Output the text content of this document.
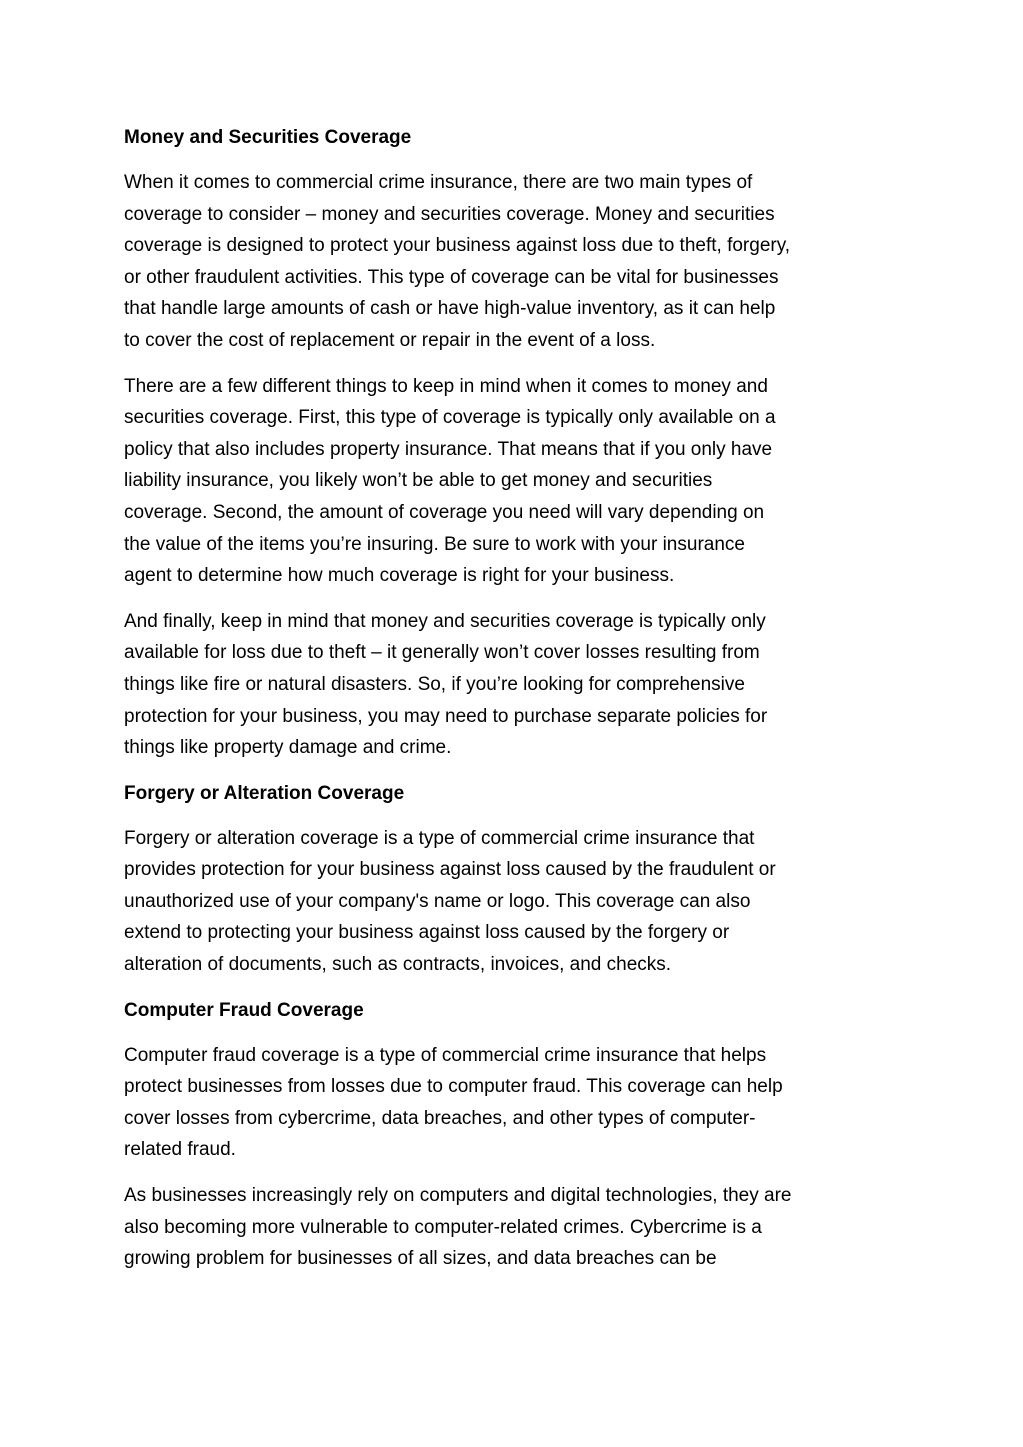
Money and Securities Coverage
When it comes to commercial crime insurance, there are two main types of
coverage to consider – money and securities coverage. Money and securities
coverage is designed to protect your business against loss due to theft, forgery,
or other fraudulent activities. This type of coverage can be vital for businesses
that handle large amounts of cash or have high-value inventory, as it can help
to cover the cost of replacement or repair in the event of a loss.
There are a few different things to keep in mind when it comes to money and
securities coverage. First, this type of coverage is typically only available on a
policy that also includes property insurance. That means that if you only have
liability insurance, you likely won’t be able to get money and securities
coverage. Second, the amount of coverage you need will vary depending on
the value of the items you’re insuring. Be sure to work with your insurance
agent to determine how much coverage is right for your business.
And finally, keep in mind that money and securities coverage is typically only
available for loss due to theft – it generally won’t cover losses resulting from
things like fire or natural disasters. So, if you’re looking for comprehensive
protection for your business, you may need to purchase separate policies for
things like property damage and crime.
Forgery or Alteration Coverage
Forgery or alteration coverage is a type of commercial crime insurance that
provides protection for your business against loss caused by the fraudulent or
unauthorized use of your company's name or logo. This coverage can also
extend to protecting your business against loss caused by the forgery or
alteration of documents, such as contracts, invoices, and checks.
Computer Fraud Coverage
Computer fraud coverage is a type of commercial crime insurance that helps
protect businesses from losses due to computer fraud. This coverage can help
cover losses from cybercrime, data breaches, and other types of computer-
related fraud.
As businesses increasingly rely on computers and digital technologies, they are
also becoming more vulnerable to computer-related crimes. Cybercrime is a
growing problem for businesses of all sizes, and data breaches can be
